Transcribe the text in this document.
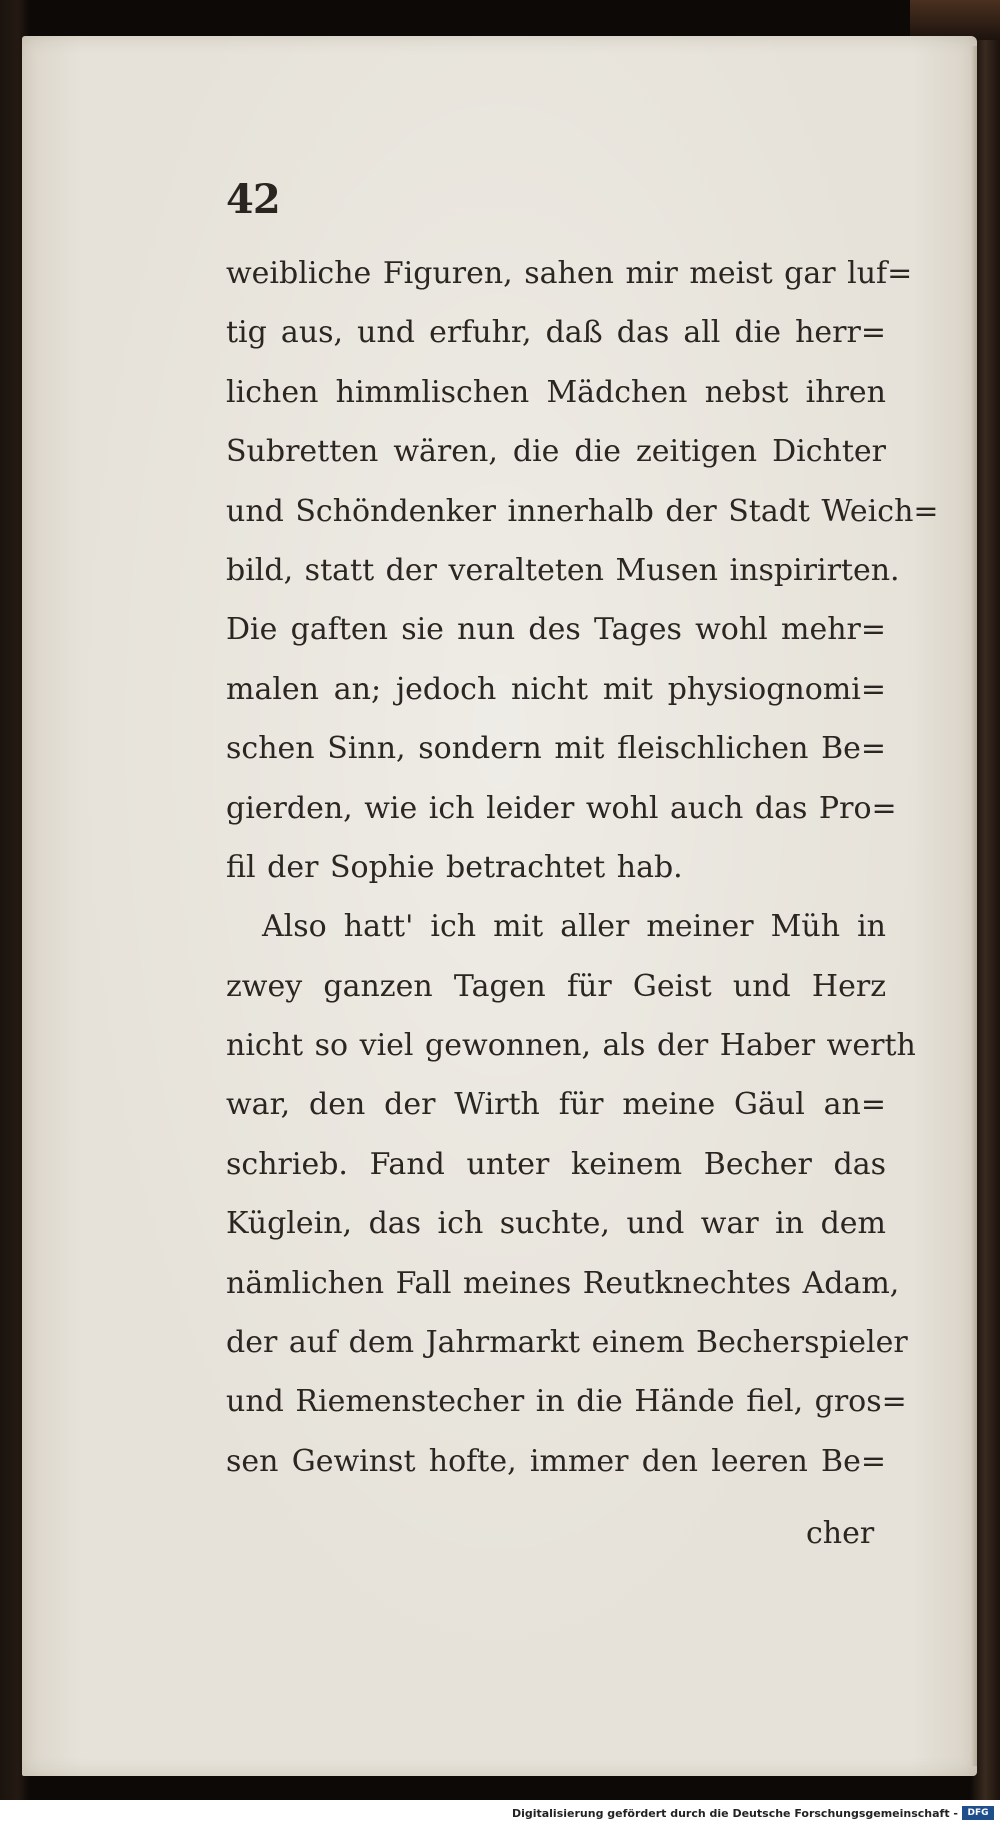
42
weibliche Figuren, sahen mir meist gar luf=
tig aus, und erfuhr, daß das all die herr=
lichen himmlischen Mädchen nebst ihren
Subretten wären, die die zeitigen Dichter
und Schöndenker innerhalb der Stadt Weich=
bild, statt der veralteten Musen inspirirten.
Die gaften sie nun des Tages wohl mehr=
malen an; jedoch nicht mit physiognomi=
schen Sinn, sondern mit fleischlichen Be=
gierden, wie ich leider wohl auch das Pro=
fil der Sophie betrachtet hab.
Also hatt' ich mit aller meiner Müh in
zwey ganzen Tagen für Geist und Herz
nicht so viel gewonnen, als der Haber werth
war, den der Wirth für meine Gäul an=
schrieb. Fand unter keinem Becher das
Küglein, das ich suchte, und war in dem
nämlichen Fall meines Reutknechtes Adam,
der auf dem Jahrmarkt einem Becherspieler
und Riemenstecher in die Hände fiel, gros=
sen Gewinst hofte, immer den leeren Be=
cher
Digitalisierung gefördert durch die Deutsche Forschungsgemeinschaft -	DFG
